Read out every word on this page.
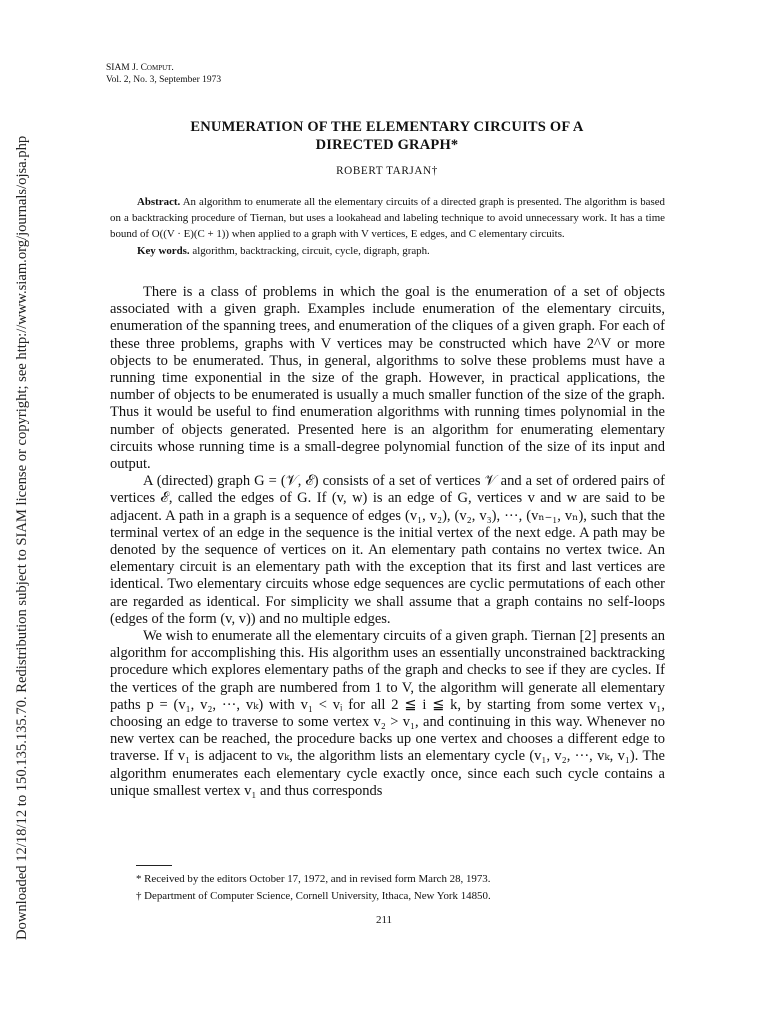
Downloaded 12/18/12 to 150.135.135.70. Redistribution subject to SIAM license or copyright; see http://www.siam.org/journals/ojsa.php
SIAM J. Comput.
Vol. 2, No. 3, September 1973
ENUMERATION OF THE ELEMENTARY CIRCUITS OF A
DIRECTED GRAPH*
ROBERT TARJAN†

Abstract. An algorithm to enumerate all the elementary circuits of a directed graph is presented. The algorithm is based on a backtracking procedure of Tiernan, but uses a lookahead and labeling technique to avoid unnecessary work. It has a time bound of O((V · E)(C + 1)) when applied to a graph with V vertices, E edges, and C elementary circuits.

Key words. algorithm, backtracking, circuit, cycle, digraph, graph.

There is a class of problems in which the goal is the enumeration of a set of objects associated with a given graph. Examples include enumeration of the elementary circuits, enumeration of the spanning trees, and enumeration of the cliques of a given graph. For each of these three problems, graphs with V vertices may be constructed which have 2^V or more objects to be enumerated. Thus, in general, algorithms to solve these problems must have a running time exponential in the size of the graph. However, in practical applications, the number of objects to be enumerated is usually a much smaller function of the size of the graph. Thus it would be useful to find enumeration algorithms with running times polynomial in the number of objects generated. Presented here is an algorithm for enumerating elementary circuits whose running time is a small-degree polynomial function of the size of its input and output.

A (directed) graph G = (𝒱, ℰ) consists of a set of vertices 𝒱 and a set of ordered pairs of vertices ℰ, called the edges of G. If (v, w) is an edge of G, vertices v and w are said to be adjacent. A path in a graph is a sequence of edges (v₁, v₂), (v₂, v₃), ···, (vₙ₋₁, vₙ), such that the terminal vertex of an edge in the sequence is the initial vertex of the next edge. A path may be denoted by the sequence of vertices on it. An elementary path contains no vertex twice. An elementary circuit is an elementary path with the exception that its first and last vertices are identical. Two elementary circuits whose edge sequences are cyclic permutations of each other are regarded as identical. For simplicity we shall assume that a graph contains no self-loops (edges of the form (v, v)) and no multiple edges.

We wish to enumerate all the elementary circuits of a given graph. Tiernan [2] presents an algorithm for accomplishing this. His algorithm uses an essentially unconstrained backtracking procedure which explores elementary paths of the graph and checks to see if they are cycles. If the vertices of the graph are numbered from 1 to V, the algorithm will generate all elementary paths p = (v₁, v₂, ···, vₖ) with v₁ < vᵢ for all 2 ≦ i ≦ k, by starting from some vertex v₁, choosing an edge to traverse to some vertex v₂ > v₁, and continuing in this way. Whenever no new vertex can be reached, the procedure backs up one vertex and chooses a different edge to traverse. If v₁ is adjacent to vₖ, the algorithm lists an elementary cycle (v₁, v₂, ···, vₖ, v₁). The algorithm enumerates each elementary cycle exactly once, since each such cycle contains a unique smallest vertex v₁ and thus corresponds

* Received by the editors October 17, 1972, and in revised form March 28, 1973.
† Department of Computer Science, Cornell University, Ithaca, New York 14850.
211
